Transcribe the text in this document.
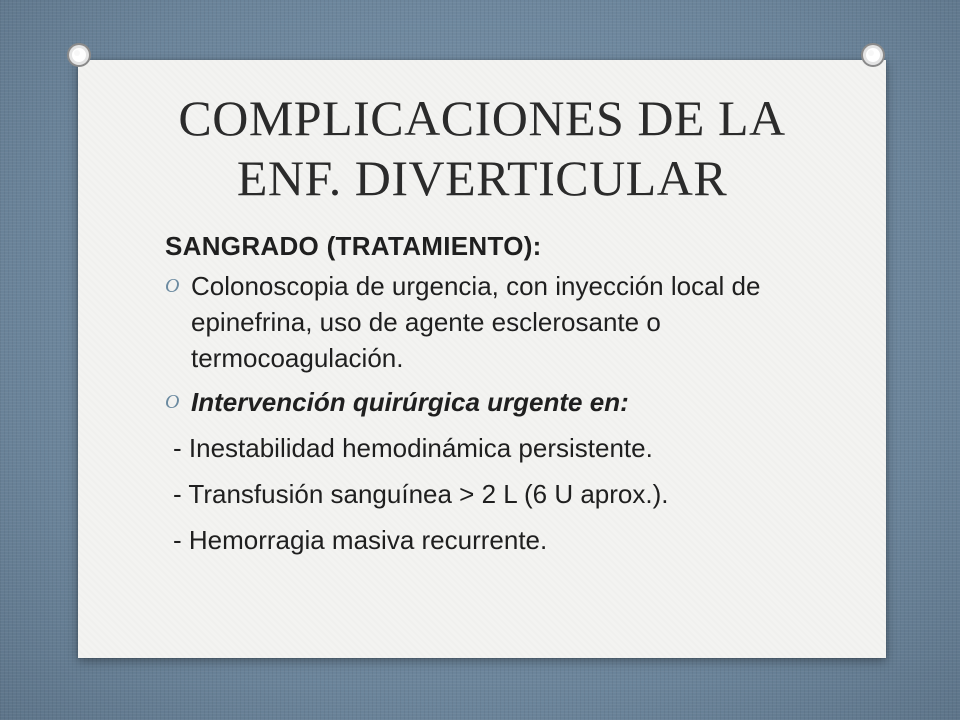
COMPLICACIONES DE LA
ENF. DIVERTICULAR
SANGRADO (TRATAMIENTO):
O Colonoscopia de urgencia, con inyección local de epinefrina, uso de agente esclerosante o termocoagulación.
O Intervención quirúrgica urgente en:
- Inestabilidad hemodinámica persistente.
- Transfusión sanguínea > 2 L (6 U aprox.).
- Hemorragia masiva recurrente.
